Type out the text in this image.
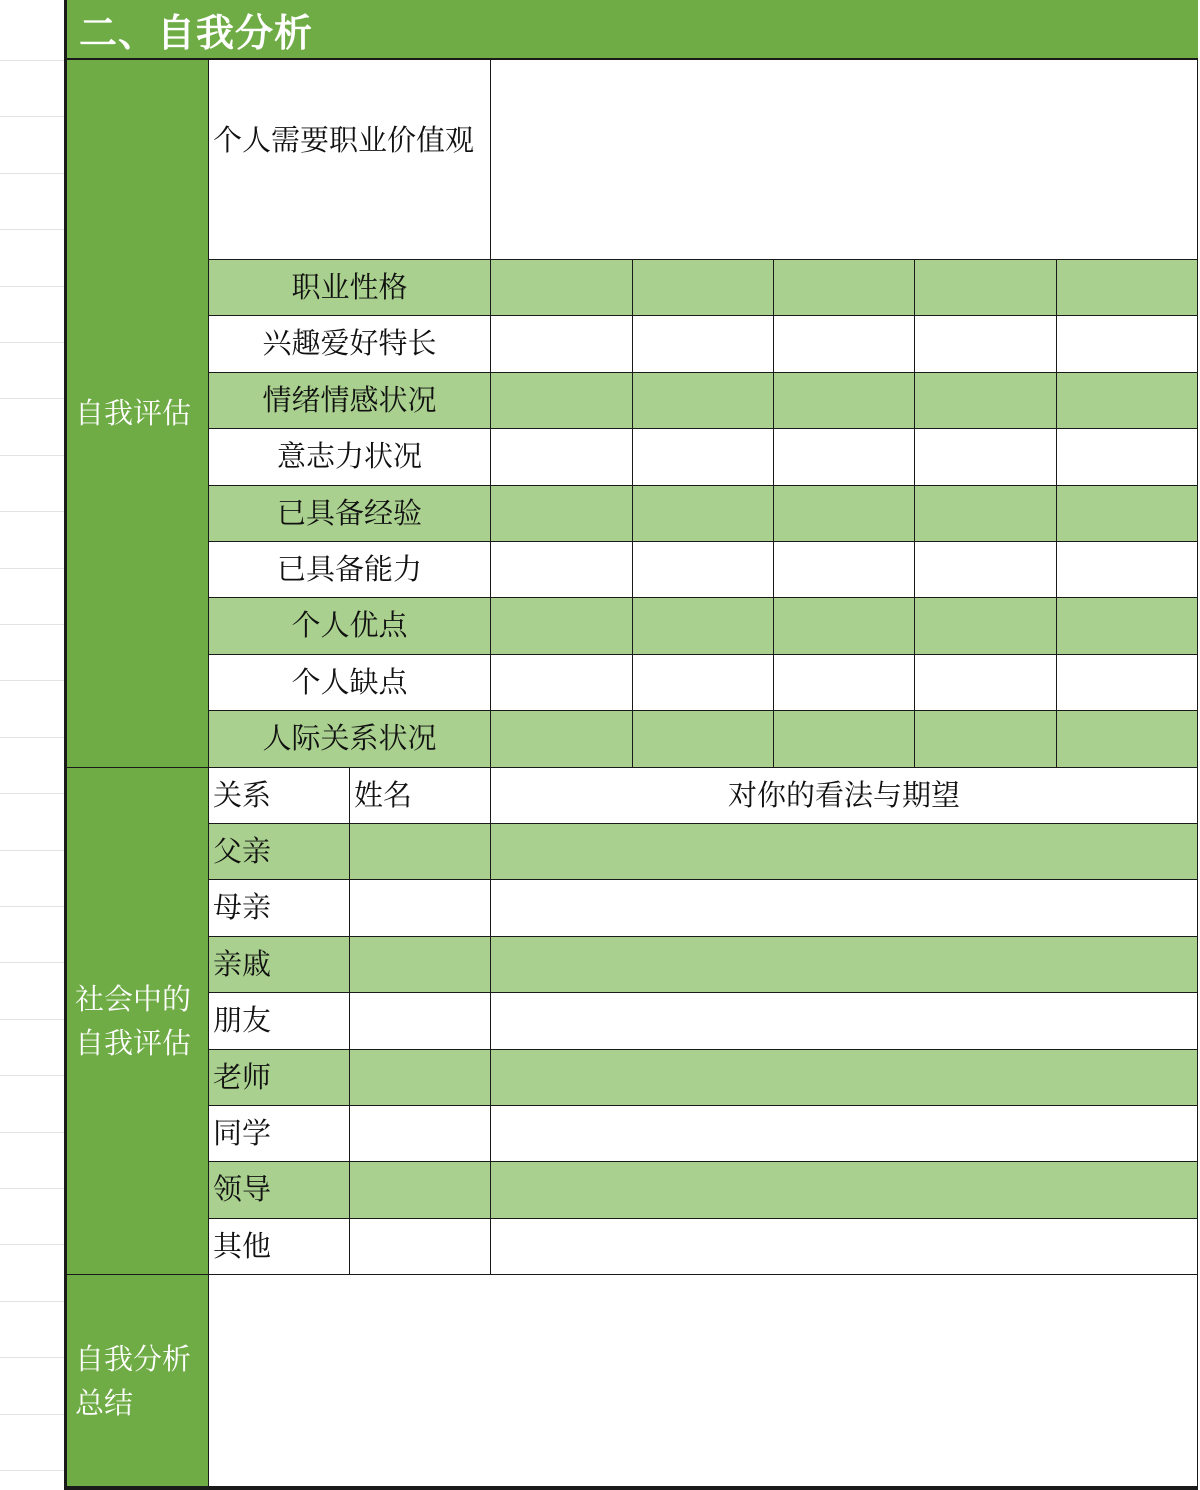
二、自我分析
自我评估
个人需要职业价值观
职业性格
兴趣爱好特长
情绪情感状况
意志力状况
已具备经验
已具备能力
个人优点
个人缺点
人际关系状况
社会中的自我评估
关系	姓名	对你的看法与期望
父亲
母亲
亲戚
朋友
老师
同学
领导
其他
自我分析总结
